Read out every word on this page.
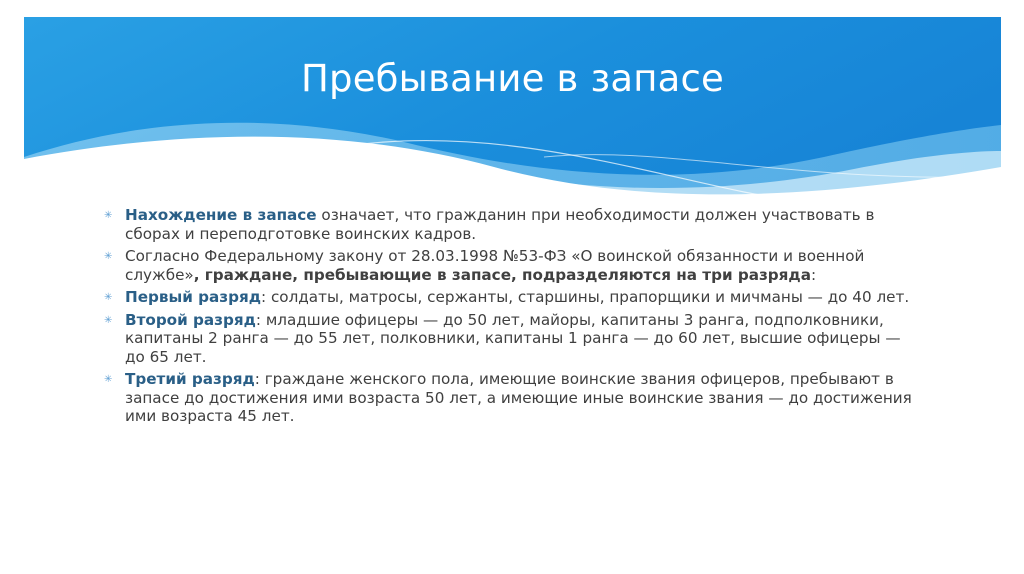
Пребывание в запасе
✳ Нахождение в запасе означает, что гражданин при необходимости должен участвовать в сборах и переподготовке воинских кадров.
✳ Согласно Федеральному закону от 28.03.1998 №53-ФЗ «О воинской обязанности и военной службе», граждане, пребывающие в запасе, подразделяются на три разряда:
✳ Первый разряд: солдаты, матросы, сержанты, старшины, прапорщики и мичманы — до 40 лет.
✳ Второй разряд: младшие офицеры — до 50 лет, майоры, капитаны 3 ранга, подполковники, капитаны 2 ранга — до 55 лет, полковники, капитаны 1 ранга — до 60 лет, высшие офицеры — до 65 лет.
✳ Третий разряд: граждане женского пола, имеющие воинские звания офицеров, пребывают в запасе до достижения ими возраста 50 лет, а имеющие иные воинские звания — до достижения ими возраста 45 лет.
